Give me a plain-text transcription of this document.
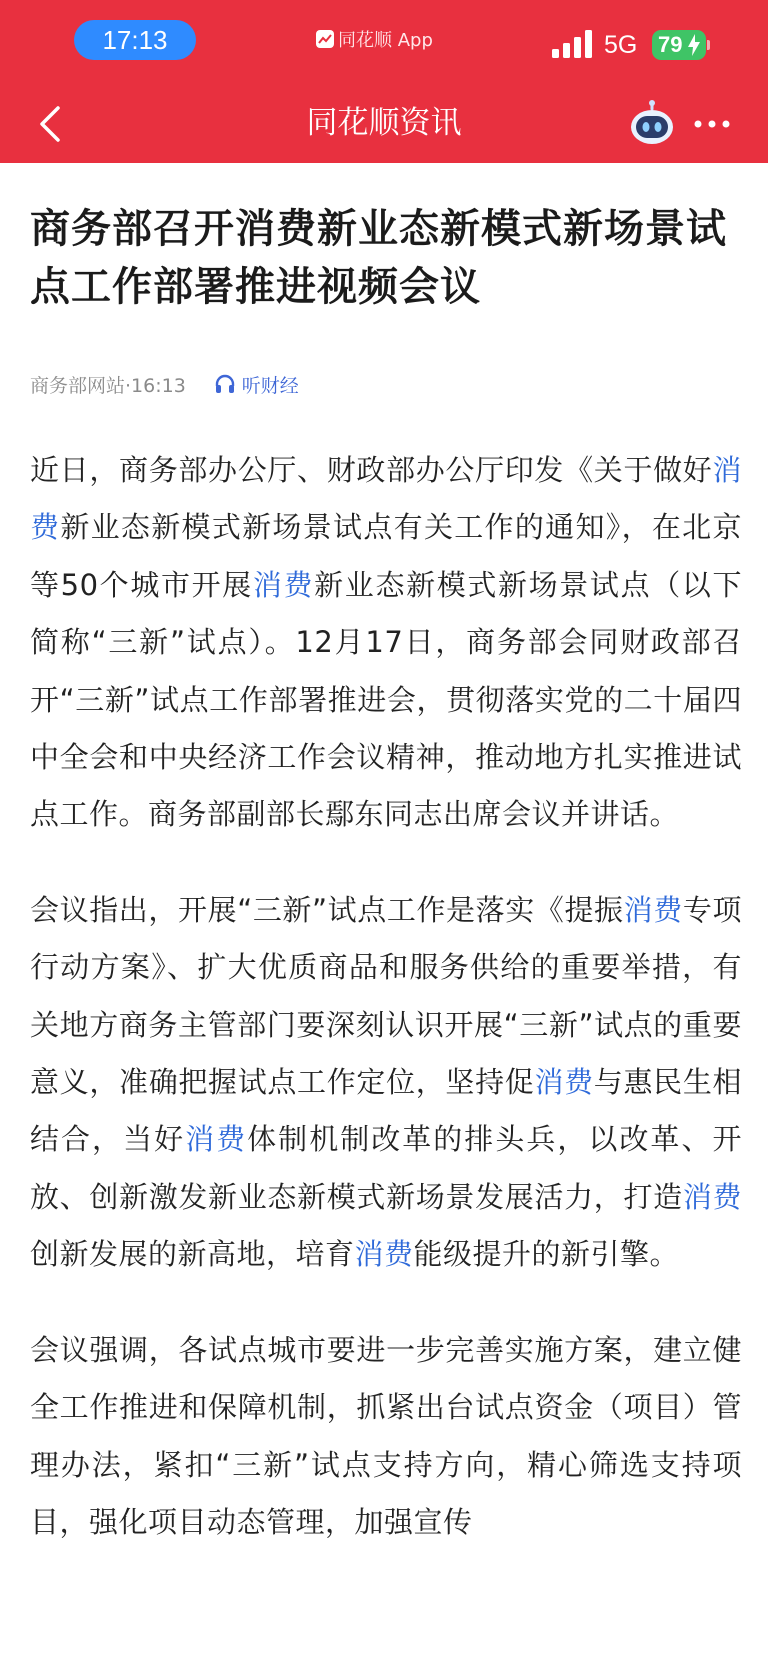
17:13	同花顺 App	5G 79
同花顺资讯
商务部召开消费新业态新模式新场景试点工作部署推进视频会议
商务部网站·16:13	听财经

近日，商务部办公厅、财政部办公厅印发《关于做好消费新业态新模式新场景试点有关工作的通知》，在北京等50个城市开展消费新业态新模式新场景试点（以下简称“三新”试点）。12月17日，商务部会同财政部召开“三新”试点工作部署推进会，贯彻落实党的二十届四中全会和中央经济工作会议精神，推动地方扎实推进试点工作。商务部副部长鄢东同志出席会议并讲话。

会议指出，开展“三新”试点工作是落实《提振消费专项行动方案》、扩大优质商品和服务供给的重要举措，有关地方商务主管部门要深刻认识开展“三新”试点的重要意义，准确把握试点工作定位，坚持促消费与惠民生相结合，当好消费体制机制改革的排头兵，以改革、开放、创新激发新业态新模式新场景发展活力，打造消费创新发展的新高地，培育消费能级提升的新引擎。

会议强调，各试点城市要进一步完善实施方案，建立健全工作推进和保障机制，抓紧出台试点资金（项目）管理办法，紧扣“三新”试点支持方向，精心筛选支持项目，强化项目动态管理，加强宣传
